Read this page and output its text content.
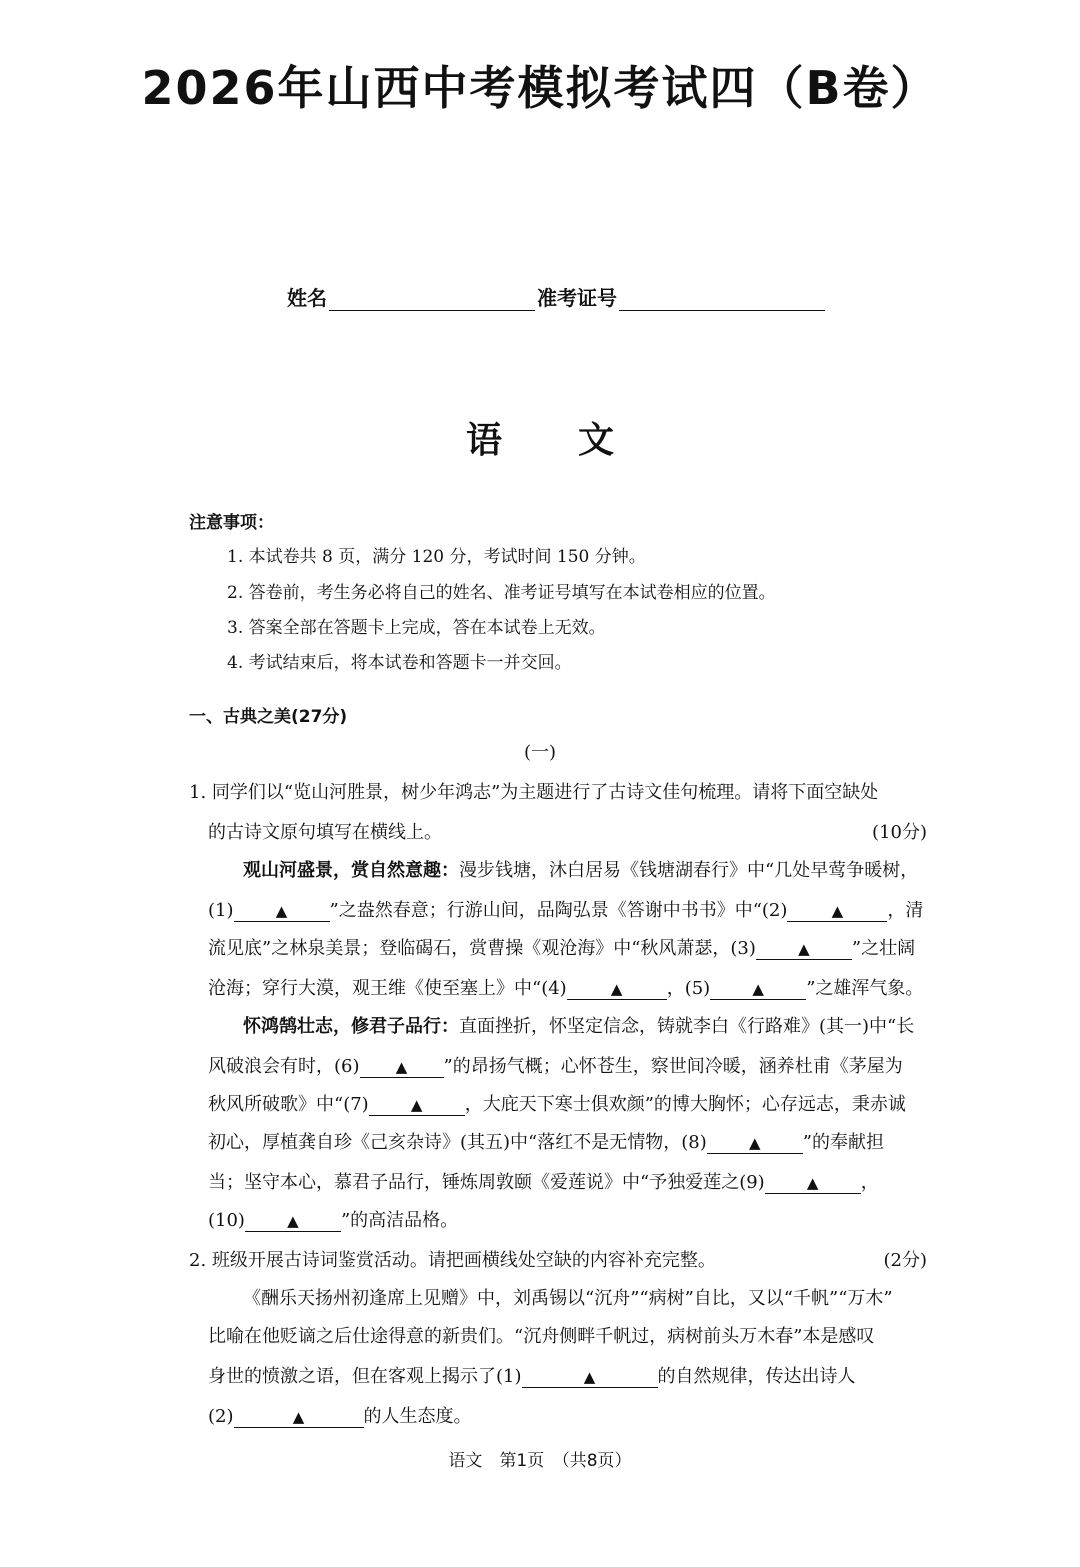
2026年山西中考模拟考试四（B卷）
姓名	准考证号
语文
注意事项：
1. 本试卷共 8 页，满分 120 分，考试时间 150 分钟。
2. 答卷前，考生务必将自己的姓名、准考证号填写在本试卷相应的位置。
3. 答案全部在答题卡上完成，答在本试卷上无效。
4. 考试结束后，将本试卷和答题卡一并交回。
一、古典之美(27分)
(一)
1. 同学们以“览山河胜景，树少年鸿志”为主题进行了古诗文佳句梳理。请将下面空缺处
的古诗文原句填写在横线上。	(10分)
观山河盛景，赏自然意趣：漫步钱塘，沐白居易《钱塘湖春行》中“几处早莺争暖树，
(1)	▲ ”之盎然春意；行游山间，品陶弘景《答谢中书书》中“(2)	▲ ，清
流见底”之林泉美景；登临碣石，赏曹操《观沧海》中“秋风萧瑟，(3)	▲ ”之壮阔
沧海；穿行大漠，观王维《使至塞上》中“(4)	▲ ，(5)	▲ ”之雄浑气象。
怀鸿鹄壮志，修君子品行：直面挫折，怀坚定信念，铸就李白《行路难》(其一)中“长
风破浪会有时，(6) ▲ ”的昂扬气概；心怀苍生，察世间冷暖，涵养杜甫《茅屋为
秋风所破歌》中“(7)	▲ ，大庇天下寒士俱欢颜”的博大胸怀；心存远志，秉赤诚
初心，厚植龚自珍《己亥杂诗》(其五)中“落红不是无情物，(8)	▲ ”的奉献担
当；坚守本心，慕君子品行，锤炼周敦颐《爱莲说》中“予独爱莲之(9)	▲ ，
(10)	▲ ”的高洁品格。
2. 班级开展古诗词鉴赏活动。请把画横线处空缺的内容补充完整。	(2分)
《酬乐天扬州初逢席上见赠》中，刘禹锡以“沉舟”“病树”自比，又以“千帆”“万木”
比喻在他贬谪之后仕途得意的新贵们。“沉舟侧畔千帆过，病树前头万木春”本是感叹
身世的愤激之语，但在客观上揭示了(1)	▲	的自然规律，传达出诗人
(2)	▲	的人生态度。
语文　第1页　（共8页）
